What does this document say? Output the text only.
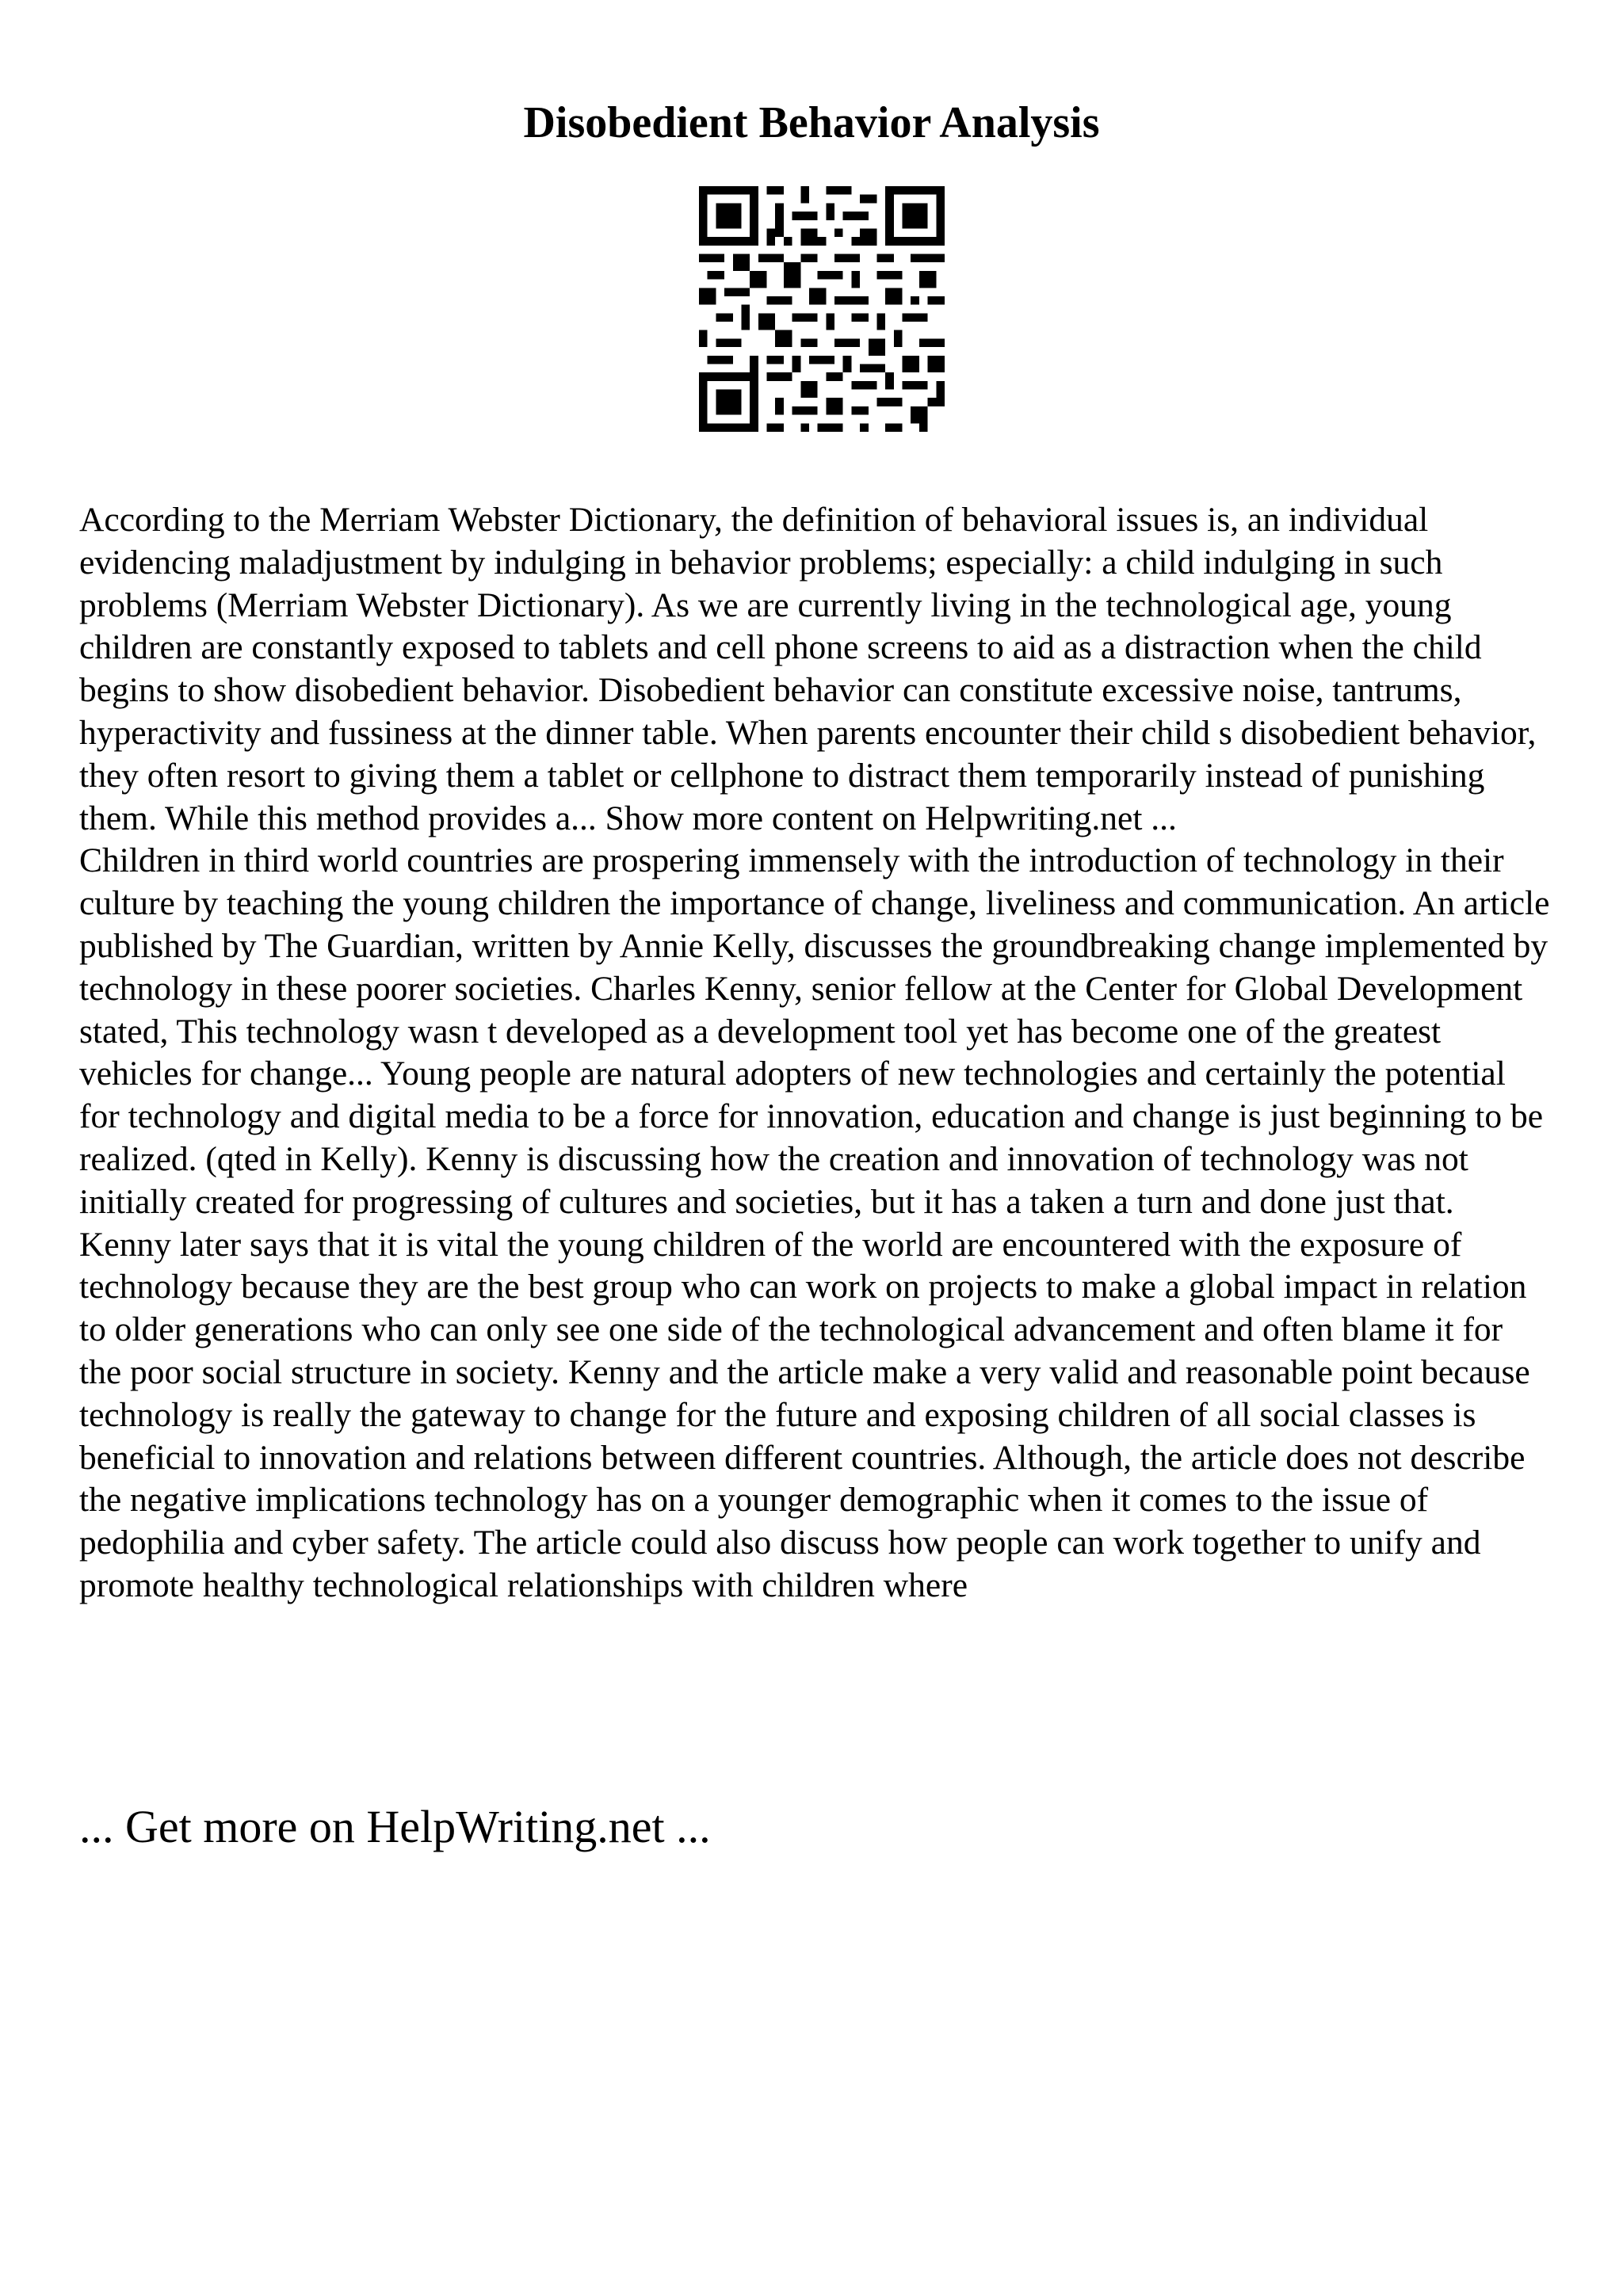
Disobedient Behavior Analysis

According to the Merriam Webster Dictionary, the definition of behavioral issues is, an individual evidencing maladjustment by indulging in behavior problems; especially: a child indulging in such problems (Merriam Webster Dictionary). As we are currently living in the technological age, young children are constantly exposed to tablets and cell phone screens to aid as a distraction when the child begins to show disobedient behavior. Disobedient behavior can constitute excessive noise, tantrums, hyperactivity and fussiness at the dinner table. When parents encounter their child s disobedient behavior, they often resort to giving them a tablet or cellphone to distract them temporarily instead of punishing them. While this method provides a... Show more content on Helpwriting.net ...

Children in third world countries are prospering immensely with the introduction of technology in their culture by teaching the young children the importance of change, liveliness and communication. An article published by The Guardian, written by Annie Kelly, discusses the groundbreaking change implemented by technology in these poorer societies. Charles Kenny, senior fellow at the Center for Global Development stated, This technology wasn t developed as a development tool yet has become one of the greatest vehicles for change... Young people are natural adopters of new technologies and certainly the potential for technology and digital media to be a force for innovation, education and change is just beginning to be realized. (qted in Kelly). Kenny is discussing how the creation and innovation of technology was not initially created for progressing of cultures and societies, but it has a taken a turn and done just that. Kenny later says that it is vital the young children of the world are encountered with the exposure of technology because they are the best group who can work on projects to make a global impact in relation to older generations who can only see one side of the technological advancement and often blame it for the poor social structure in society. Kenny and the article make a very valid and reasonable point because technology is really the gateway to change for the future and exposing children of all social classes is beneficial to innovation and relations between different countries. Although, the article does not describe the negative implications technology has on a younger demographic when it comes to the issue of pedophilia and cyber safety. The article could also discuss how people can work together to unify and promote healthy technological relationships with children where

... Get more on HelpWriting.net ...
